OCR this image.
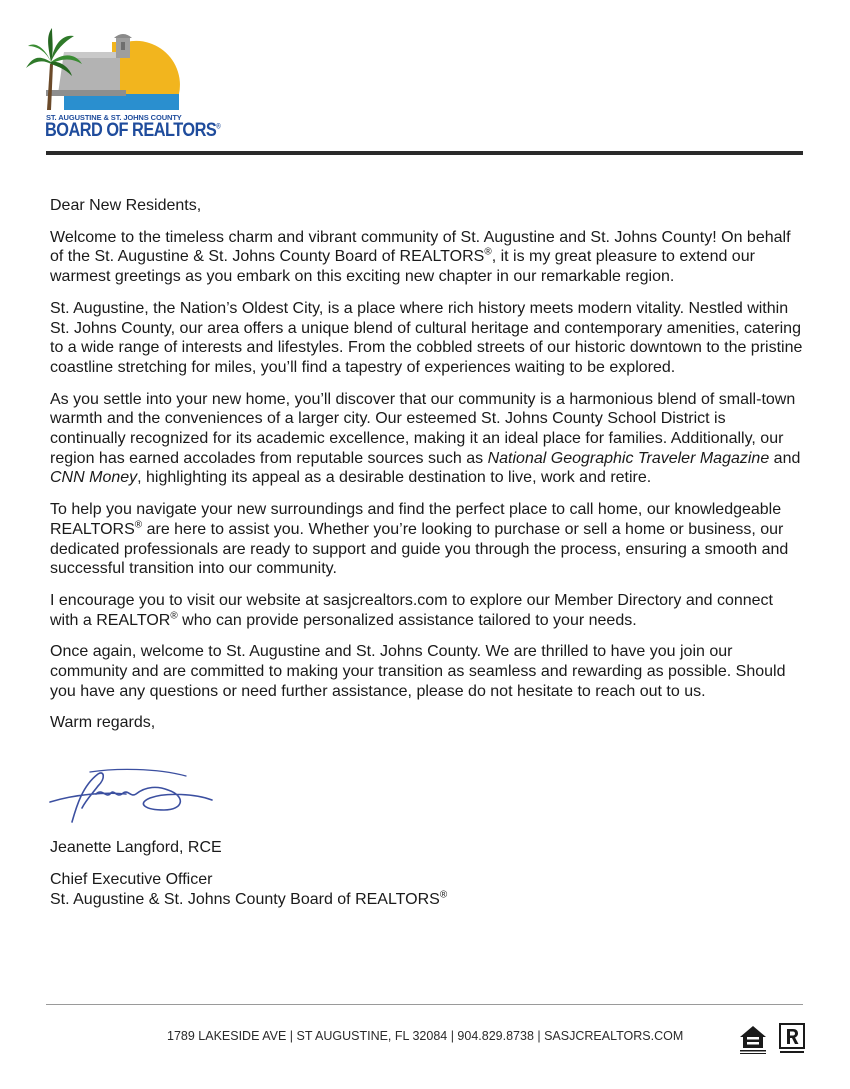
ST. AUGUSTINE & ST. JOHNS COUNTY
BOARD OF REALTORS®

Dear New Residents,

Welcome to the timeless charm and vibrant community of St. Augustine and St. Johns County! On behalf of the St. Augustine & St. Johns County Board of REALTORS®, it is my great pleasure to extend our warmest greetings as you embark on this exciting new chapter in our remarkable region.

St. Augustine, the Nation’s Oldest City, is a place where rich history meets modern vitality. Nestled within St. Johns County, our area offers a unique blend of cultural heritage and contemporary amenities, catering to a wide range of interests and lifestyles. From the cobbled streets of our historic downtown to the pristine coastline stretching for miles, you’ll find a tapestry of experiences waiting to be explored.

As you settle into your new home, you’ll discover that our community is a harmonious blend of small-town warmth and the conveniences of a larger city. Our esteemed St. Johns County School District is continually recognized for its academic excellence, making it an ideal place for families. Additionally, our region has earned accolades from reputable sources such as National Geographic Traveler Magazine and CNN Money, highlighting its appeal as a desirable destination to live, work and retire.

To help you navigate your new surroundings and find the perfect place to call home, our knowledgeable REALTORS® are here to assist you. Whether you’re looking to purchase or sell a home or business, our dedicated professionals are ready to support and guide you through the process, ensuring a smooth and successful transition into our community.

I encourage you to visit our website at sasjcrealtors.com to explore our Member Directory and connect with a REALTOR® who can provide personalized assistance tailored to your needs.

Once again, welcome to St. Augustine and St. Johns County. We are thrilled to have you join our community and are committed to making your transition as seamless and rewarding as possible. Should you have any questions or need further assistance, please do not hesitate to reach out to us.

Warm regards,

Jeanette Langford, RCE
Chief Executive Officer
St. Augustine & St. Johns County Board of REALTORS®
1789 LAKESIDE AVE | ST AUGUSTINE, FL 32084 | 904.829.8738 | SASJCREALTORS.COM
